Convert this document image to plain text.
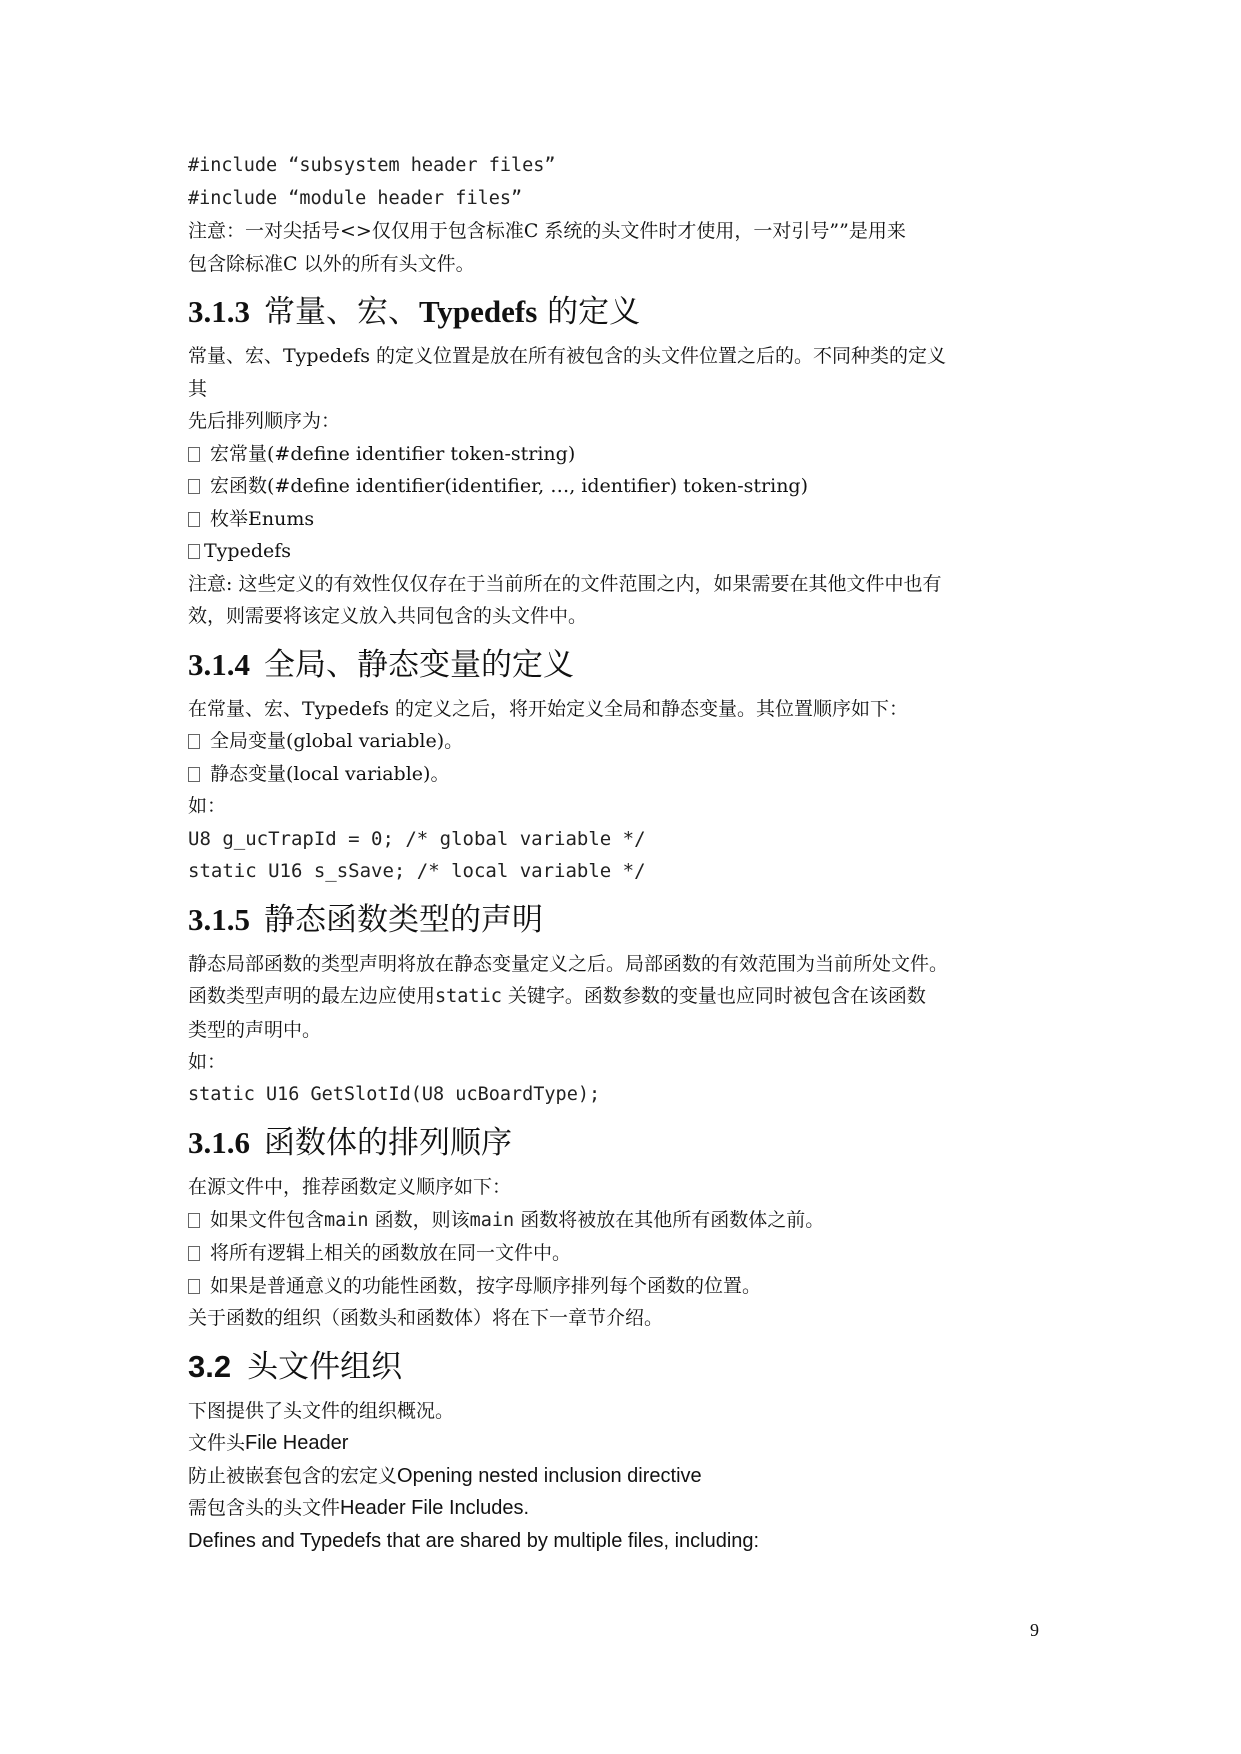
#include “subsystem header files”
#include “module header files”
注意：一对尖括号<>仅仅用于包含标准C 系统的头文件时才使用，一对引号””是用来
包含除标准C 以外的所有头文件。
3.1.3 常量、宏、Typedefs 的定义
常量、宏、Typedefs 的定义位置是放在所有被包含的头文件位置之后的。不同种类的定义
其
先后排列顺序为：
宏常量(#define identifier token-string)
宏函数(#define identifier(identifier, …, identifier) token-string)
枚举Enums
Typedefs
注意: 这些定义的有效性仅仅存在于当前所在的文件范围之内，如果需要在其他文件中也有
效，则需要将该定义放入共同包含的头文件中。
3.1.4 全局、静态变量的定义
在常量、宏、Typedefs 的定义之后，将开始定义全局和静态变量。其位置顺序如下：
全局变量(global variable)。
静态变量(local variable)。
如：
U8 g_ucTrapId = 0; /* global variable */
static U16 s_sSave; /* local variable */
3.1.5 静态函数类型的声明
静态局部函数的类型声明将放在静态变量定义之后。局部函数的有效范围为当前所处文件。
函数类型声明的最左边应使用static 关键字。函数参数的变量也应同时被包含在该函数
类型的声明中。
如：
static U16 GetSlotId(U8 ucBoardType);
3.1.6 函数体的排列顺序
在源文件中，推荐函数定义顺序如下：
如果文件包含main 函数，则该main 函数将被放在其他所有函数体之前。
将所有逻辑上相关的函数放在同一文件中。
如果是普通意义的功能性函数，按字母顺序排列每个函数的位置。
关于函数的组织（函数头和函数体）将在下一章节介绍。
3.2 头文件组织
下图提供了头文件的组织概况。
文件头File Header
防止被嵌套包含的宏定义Opening nested inclusion directive
需包含头的头文件Header File Includes.
Defines and Typedefs that are shared by multiple files, including:
9
